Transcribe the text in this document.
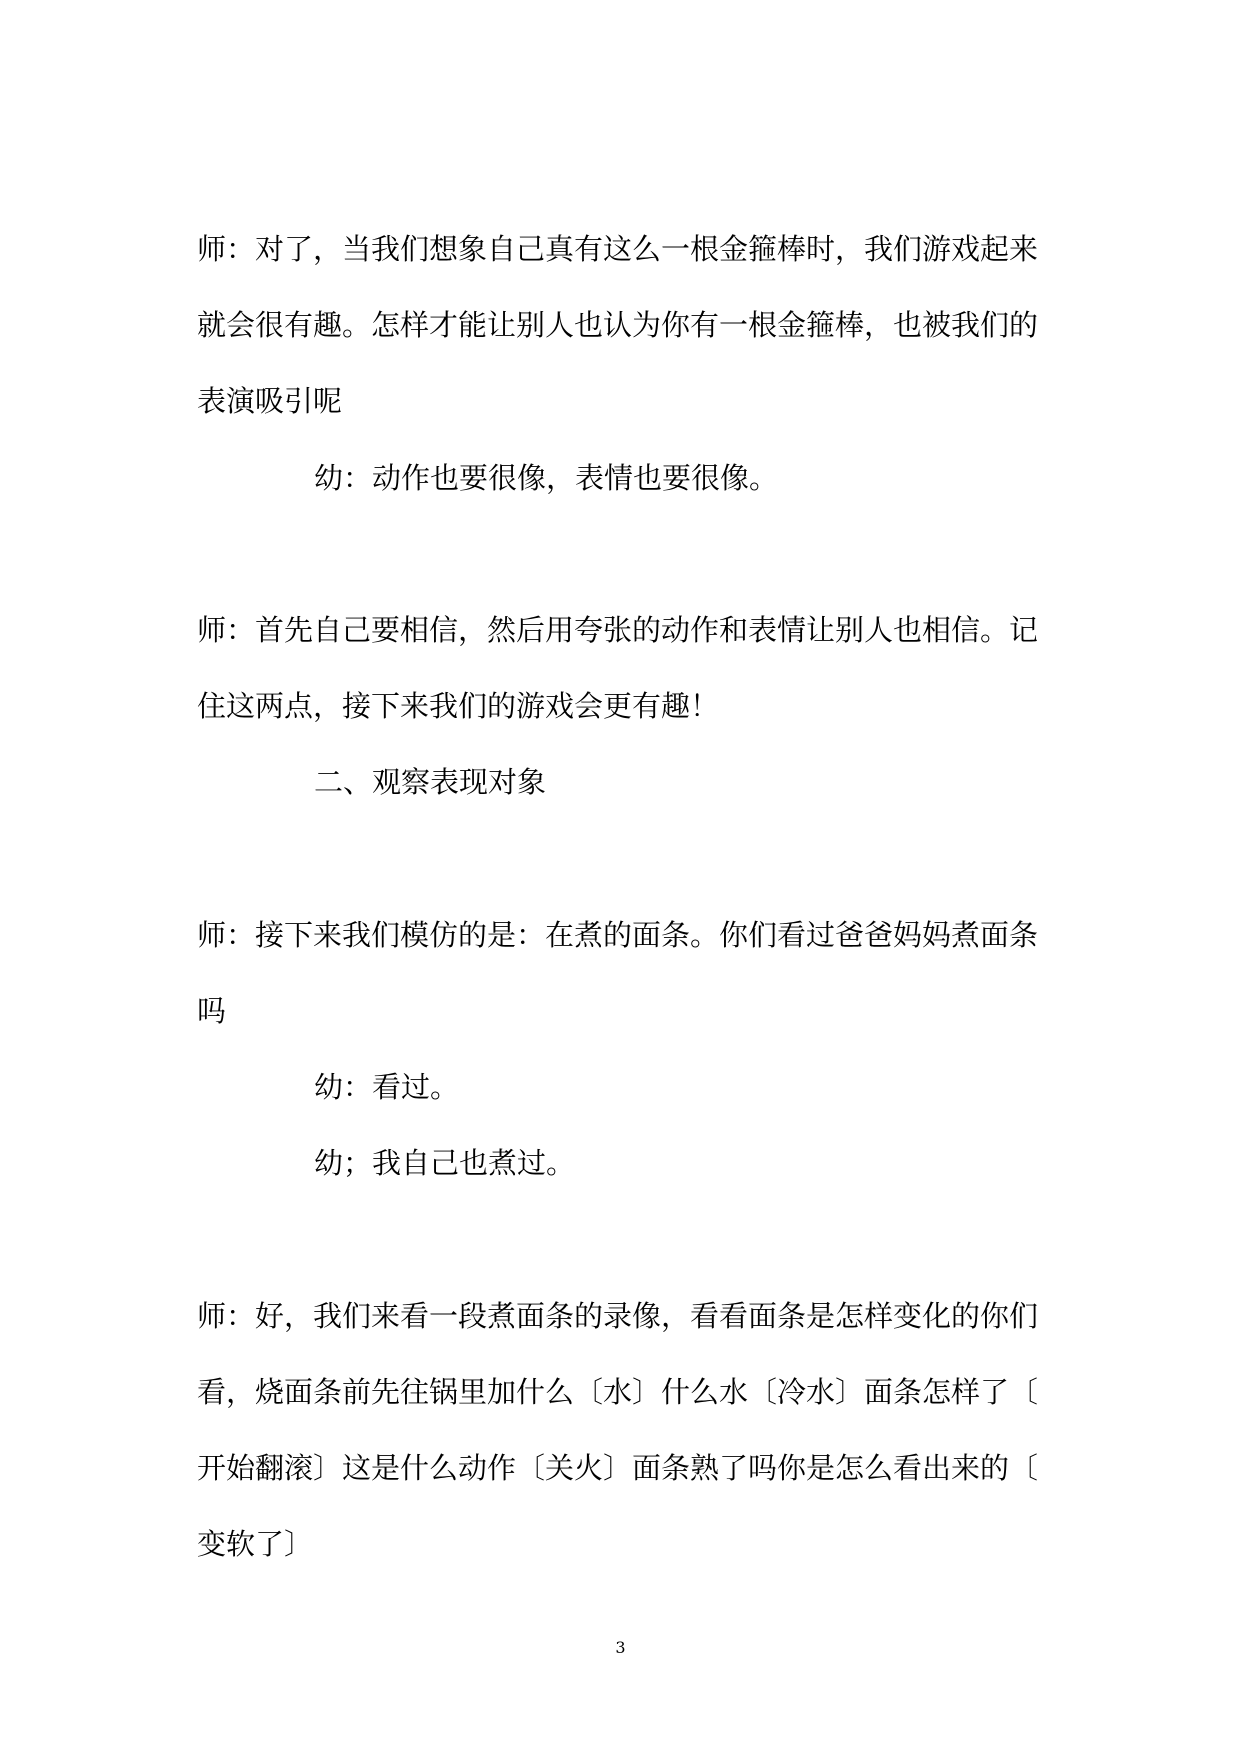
师：对了，当我们想象自己真有这么一根金箍棒时，我们游戏起来
就会很有趣。怎样才能让别人也认为你有一根金箍棒，也被我们的
表演吸引呢
幼：动作也要很像，表情也要很像。
师：首先自己要相信，然后用夸张的动作和表情让别人也相信。记
住这两点，接下来我们的游戏会更有趣！
二、观察表现对象
师：接下来我们模仿的是：在煮的面条。你们看过爸爸妈妈煮面条
吗
幼：看过。
幼；我自己也煮过。
师：好，我们来看一段煮面条的录像，看看面条是怎样变化的你们
看，烧面条前先往锅里加什么〔水〕什么水〔冷水〕面条怎样了〔
开始翻滚〕这是什么动作〔关火〕面条熟了吗你是怎么看出来的〔
变软了〕
3
